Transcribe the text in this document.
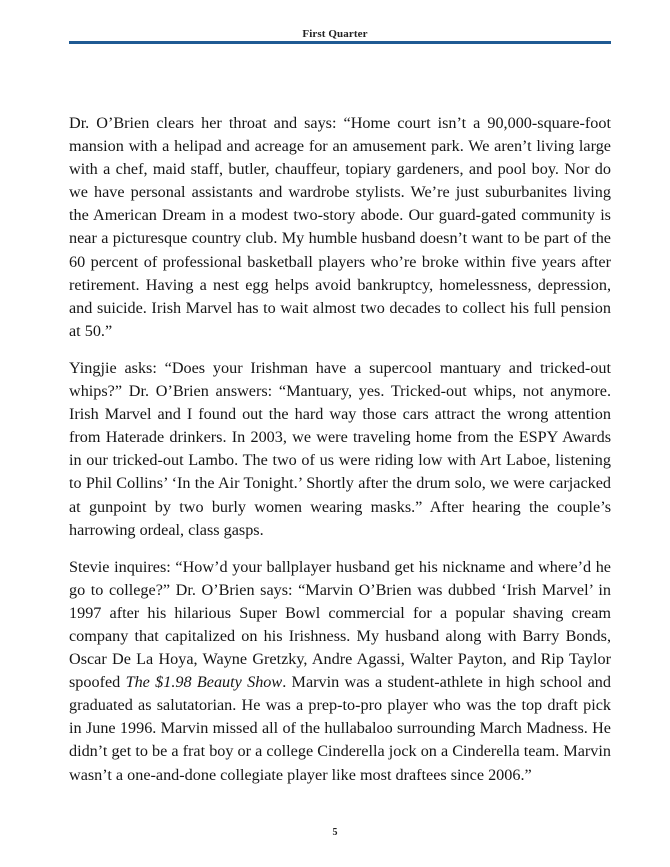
First Quarter

Dr. O’Brien clears her throat and says: “Home court isn’t a 90,000-square-foot mansion with a helipad and acreage for an amusement park. We aren’t living large with a chef, maid staff, butler, chauffeur, topiary gardeners, and pool boy. Nor do we have personal assistants and wardrobe stylists. We’re just suburbanites living the American Dream in a modest two-story abode. Our guard-gated community is near a picturesque country club. My humble husband doesn’t want to be part of the 60 percent of professional basketball players who’re broke within five years after retirement. Having a nest egg helps avoid bankruptcy, homelessness, depression, and suicide. Irish Marvel has to wait almost two decades to collect his full pension at 50.”

Yingjie asks: “Does your Irishman have a supercool mantuary and tricked-out whips?” Dr. O’Brien answers: “Mantuary, yes. Tricked-out whips, not anymore. Irish Marvel and I found out the hard way those cars attract the wrong attention from Haterade drinkers. In 2003, we were traveling home from the ESPY Awards in our tricked-out Lambo. The two of us were riding low with Art Laboe, listening to Phil Collins’ ‘In the Air Tonight.’ Shortly after the drum solo, we were carjacked at gunpoint by two burly women wearing masks.” After hearing the couple’s harrowing ordeal, class gasps.

Stevie inquires: “How’d your ballplayer husband get his nickname and where’d he go to college?” Dr. O’Brien says: “Marvin O’Brien was dubbed ‘Irish Marvel’ in 1997 after his hilarious Super Bowl commercial for a popular shaving cream company that capitalized on his Irishness. My husband along with Barry Bonds, Oscar De La Hoya, Wayne Gretzky, Andre Agassi, Walter Payton, and Rip Taylor spoofed The $1.98 Beauty Show. Marvin was a student-athlete in high school and graduated as salutatorian. He was a prep-to-pro player who was the top draft pick in June 1996. Marvin missed all of the hullabaloo surrounding March Madness. He didn’t get to be a frat boy or a college Cinderella jock on a Cinderella team. Marvin wasn’t a one-and-done collegiate player like most draftees since 2006.”

5
